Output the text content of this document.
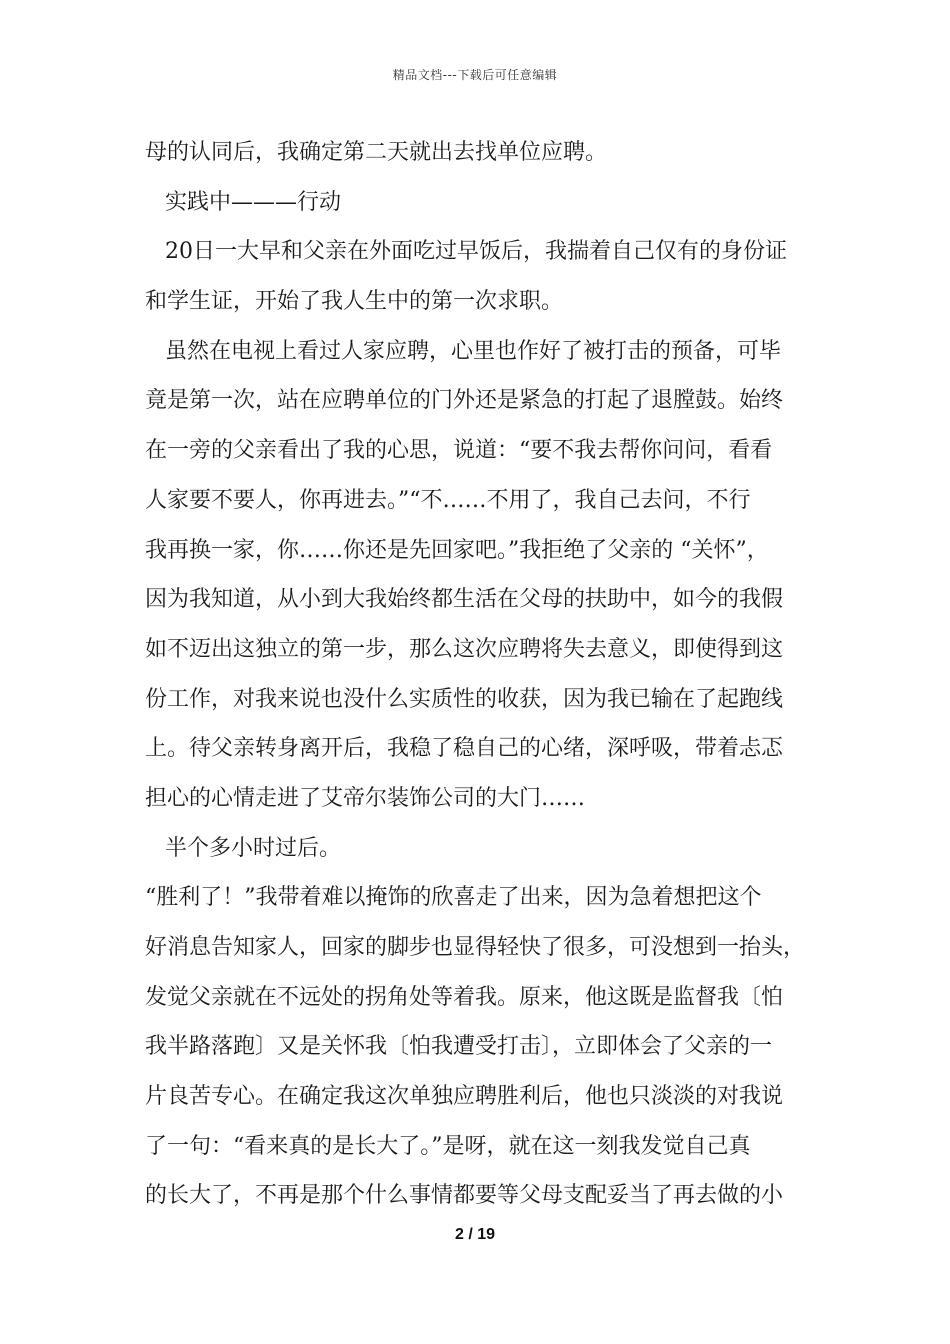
精品文档---下载后可任意编辑
母的认同后，我确定第二天就出去找单位应聘。
实践中———行动
20日一大早和父亲在外面吃过早饭后，我揣着自己仅有的身份证
和学生证，开始了我人生中的第一次求职。
虽然在电视上看过人家应聘，心里也作好了被打击的预备，可毕
竟是第一次，站在应聘单位的门外还是紧急的打起了退膛鼓。始终
在一旁的父亲看出了我的心思，说道：“要不我去帮你问问，看看
人家要不要人，你再进去。”“不……不用了，我自己去问，不行
我再换一家，你……你还是先回家吧。”我拒绝了父亲的 “关怀”，
因为我知道，从小到大我始终都生活在父母的扶助中，如今的我假
如不迈出这独立的第一步，那么这次应聘将失去意义，即使得到这
份工作，对我来说也没什么实质性的收获，因为我已输在了起跑线
上。待父亲转身离开后，我稳了稳自己的心绪，深呼吸，带着忐忑
担心的心情走进了艾帝尔装饰公司的大门……
半个多小时过后。
“胜利了！”我带着难以掩饰的欣喜走了出来，因为急着想把这个
好消息告知家人，回家的脚步也显得轻快了很多，可没想到一抬头，
发觉父亲就在不远处的拐角处等着我。原来，他这既是监督我〔怕
我半路落跑〕又是关怀我〔怕我遭受打击〕，立即体会了父亲的一
片良苦专心。在确定我这次单独应聘胜利后，他也只淡淡的对我说
了一句：“看来真的是长大了。”是呀，就在这一刻我发觉自己真
的长大了，不再是那个什么事情都要等父母支配妥当了再去做的小
2 / 19
